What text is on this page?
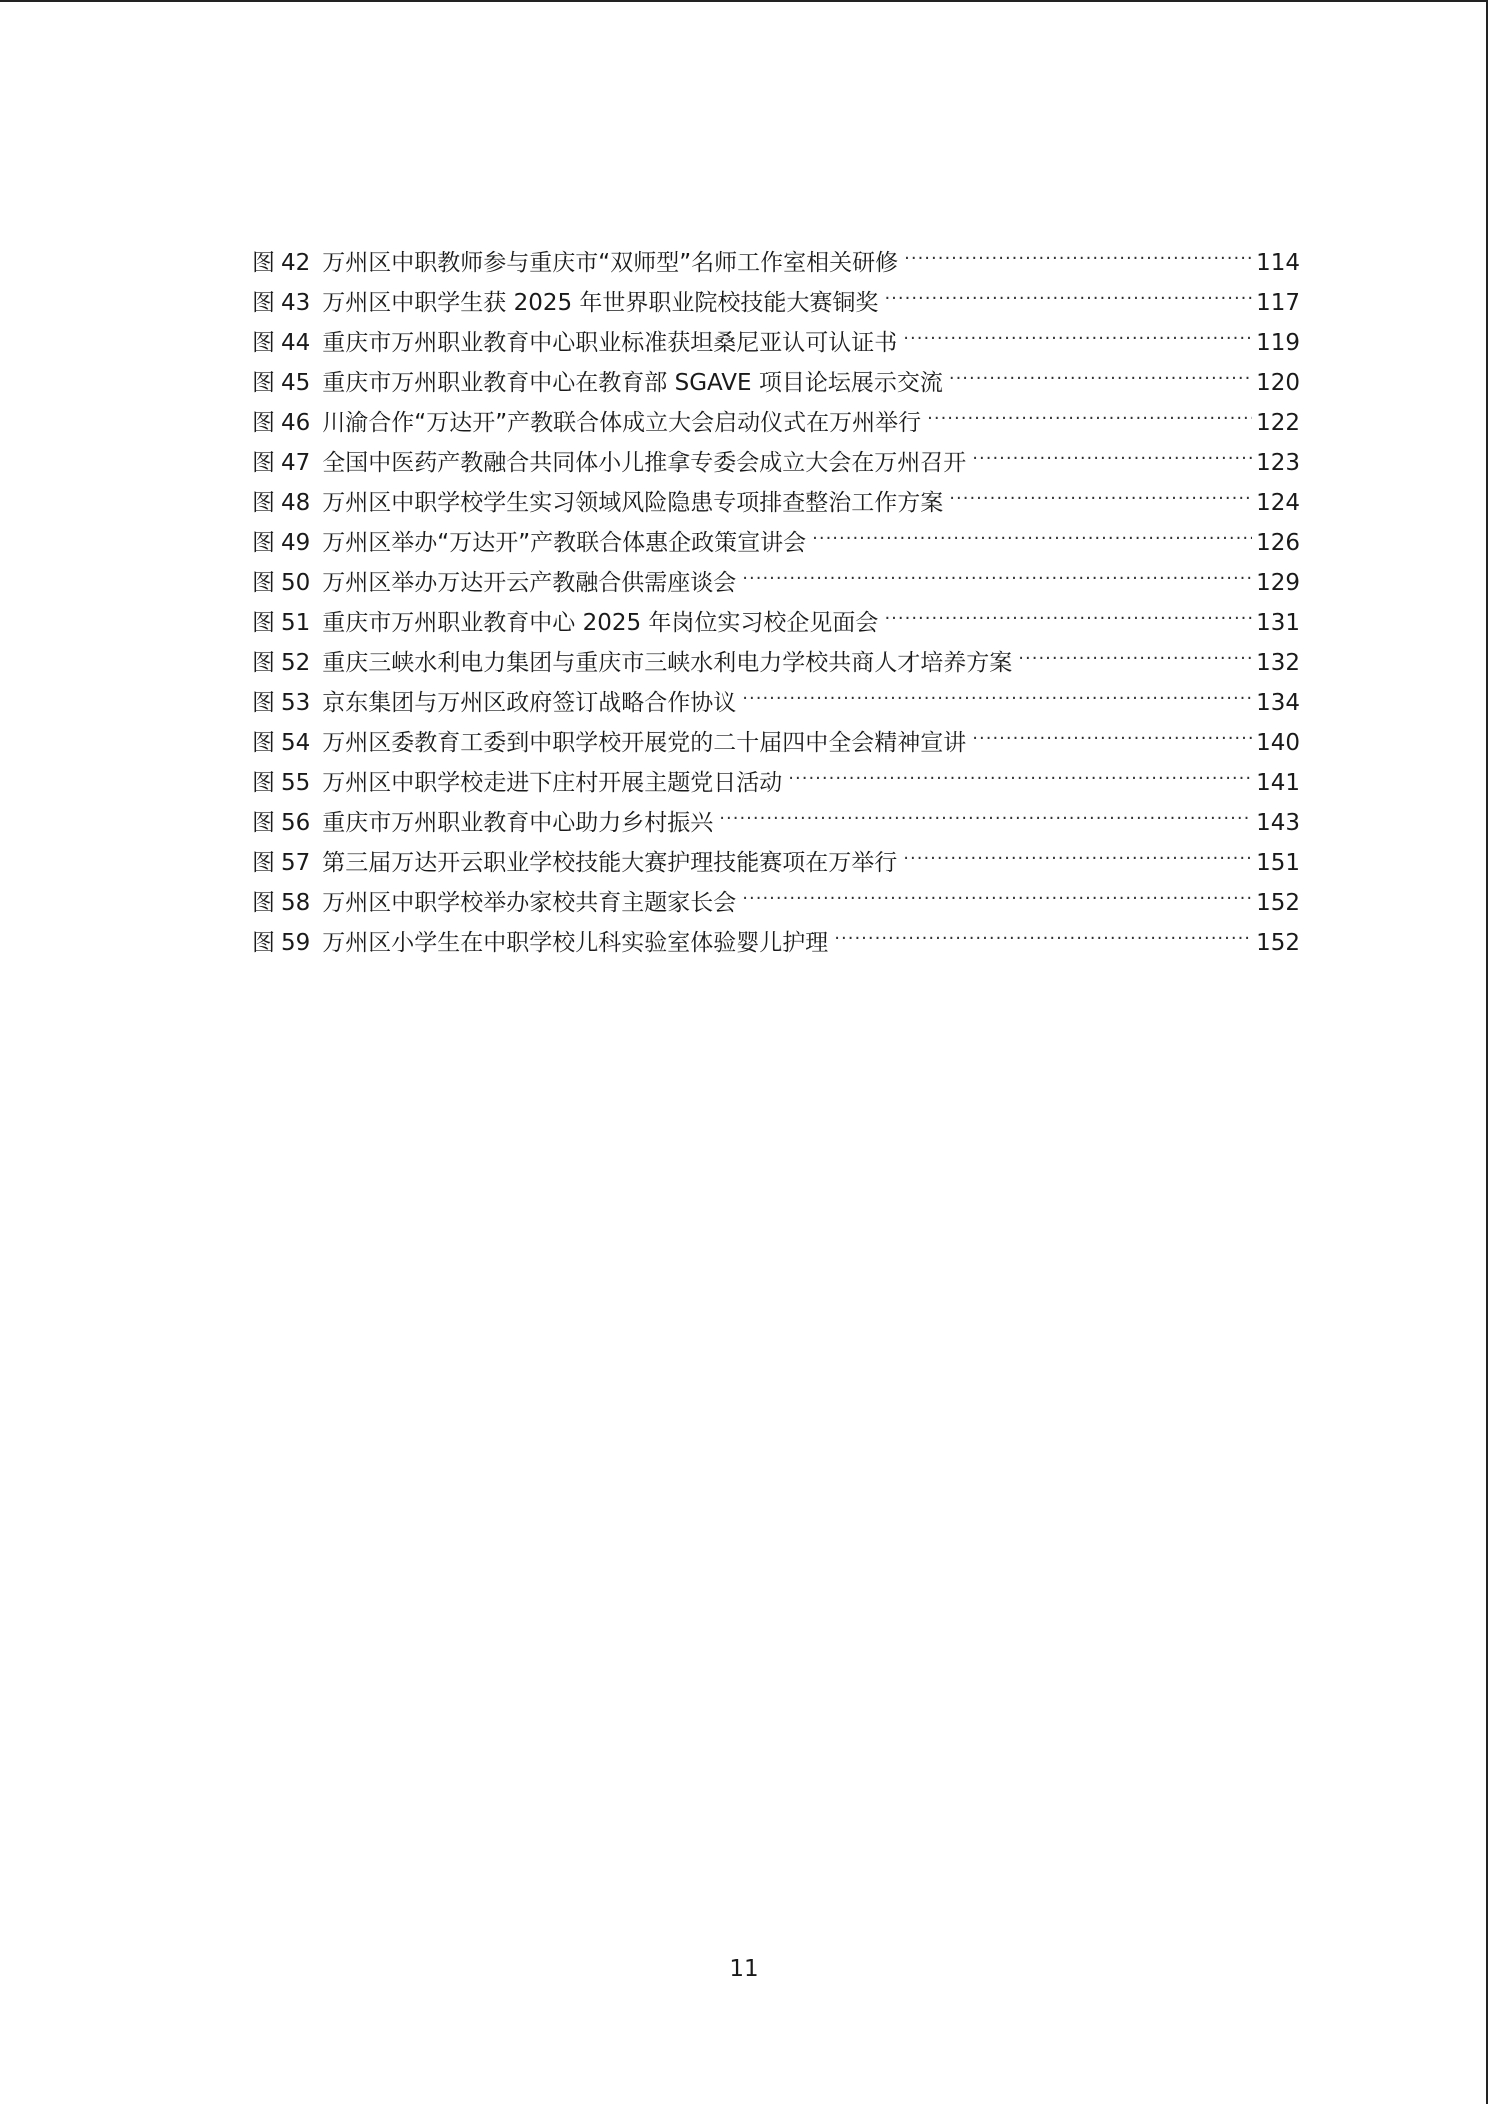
图 42 万州区中职教师参与重庆市“双师型”名师工作室相关研修 .....	114
图 43 万州区中职学生获 2025 年世界职业院校技能大赛铜奖 .....	117
图 44 重庆市万州职业教育中心职业标准获坦桑尼亚认可认证书 .....	119
图 45 重庆市万州职业教育中心在教育部 SGAVE 项目论坛展示交流 .....	120
图 46 川渝合作“万达开”产教联合体成立大会启动仪式在万州举行 .....	122
图 47 全国中医药产教融合共同体小儿推拿专委会成立大会在万州召开 .....	123
图 48 万州区中职学校学生实习领域风险隐患专项排查整治工作方案 .....	124
图 49 万州区举办“万达开”产教联合体惠企政策宣讲会 .....	126
图 50 万州区举办万达开云产教融合供需座谈会 .....	129
图 51 重庆市万州职业教育中心 2025 年岗位实习校企见面会 .....	131
图 52 重庆三峡水利电力集团与重庆市三峡水利电力学校共商人才培养方案 .....	132
图 53 京东集团与万州区政府签订战略合作协议 .....	134
图 54 万州区委教育工委到中职学校开展党的二十届四中全会精神宣讲 .....	140
图 55 万州区中职学校走进下庄村开展主题党日活动 .....	141
图 56 重庆市万州职业教育中心助力乡村振兴 .....	143
图 57 第三届万达开云职业学校技能大赛护理技能赛项在万举行 .....	151
图 58 万州区中职学校举办家校共育主题家长会 .....	152
图 59 万州区小学生在中职学校儿科实验室体验婴儿护理 .....	152
11
